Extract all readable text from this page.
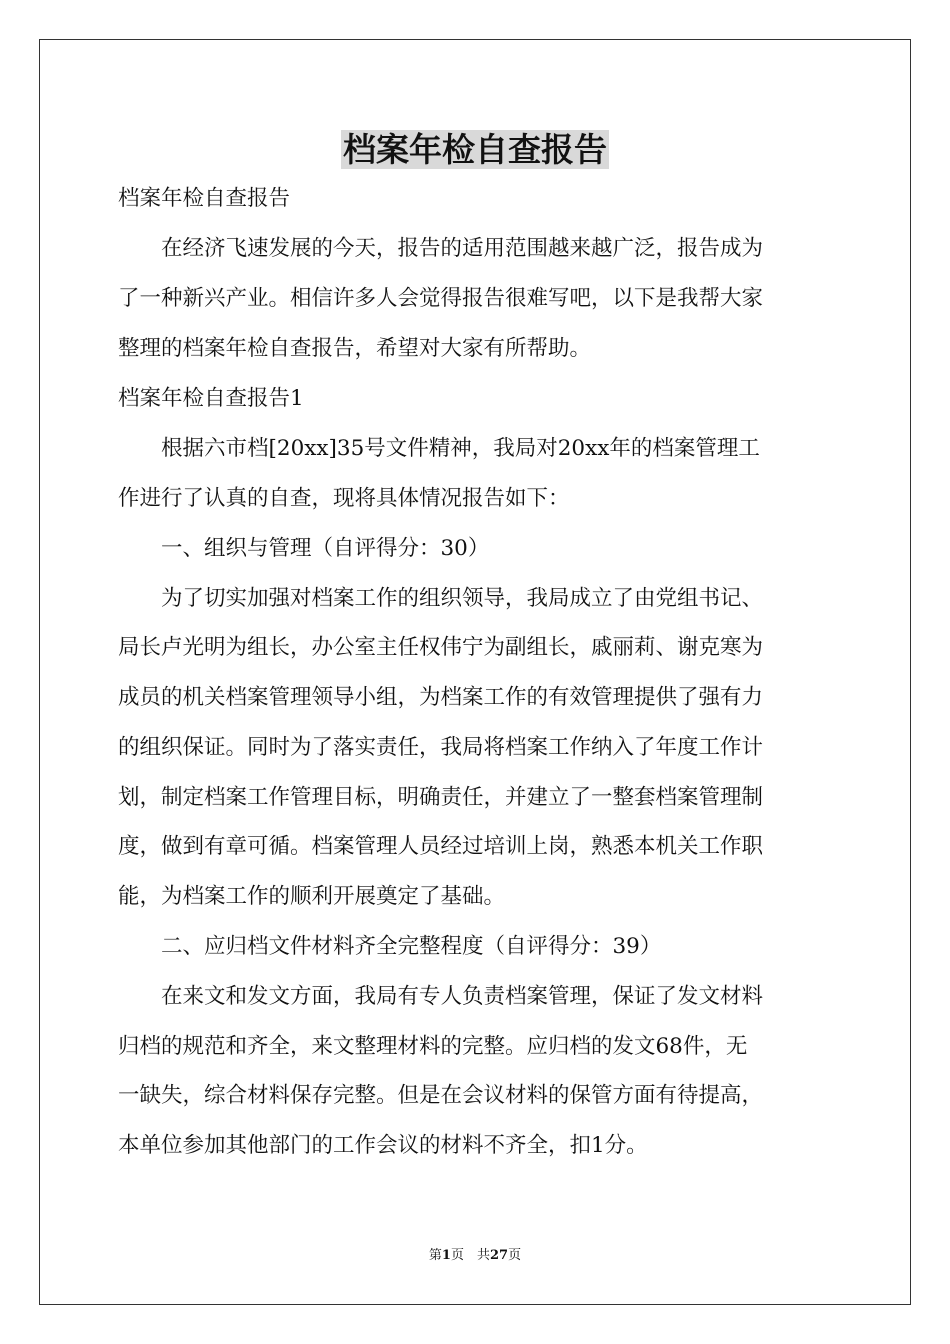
档案年检自查报告
档案年检自查报告
　　在经济飞速发展的今天，报告的适用范围越来越广泛，报告成为
了一种新兴产业。相信许多人会觉得报告很难写吧，以下是我帮大家
整理的档案年检自查报告，希望对大家有所帮助。
档案年检自查报告1
　　根据六市档[20xx]35号文件精神，我局对20xx年的档案管理工
作进行了认真的自查，现将具体情况报告如下：
　　一、组织与管理（自评得分：30）
　　为了切实加强对档案工作的组织领导，我局成立了由党组书记、
局长卢光明为组长，办公室主任权伟宁为副组长，戚丽莉、谢克寒为
成员的机关档案管理领导小组，为档案工作的有效管理提供了强有力
的组织保证。同时为了落实责任，我局将档案工作纳入了年度工作计
划，制定档案工作管理目标，明确责任，并建立了一整套档案管理制
度，做到有章可循。档案管理人员经过培训上岗，熟悉本机关工作职
能，为档案工作的顺利开展奠定了基础。
　　二、应归档文件材料齐全完整程度（自评得分：39）
　　在来文和发文方面，我局有专人负责档案管理，保证了发文材料
归档的规范和齐全，来文整理材料的完整。应归档的发文68件，无
一缺失，综合材料保存完整。但是在会议材料的保管方面有待提高，
本单位参加其他部门的工作会议的材料不齐全，扣1分。
第1页　共27页
